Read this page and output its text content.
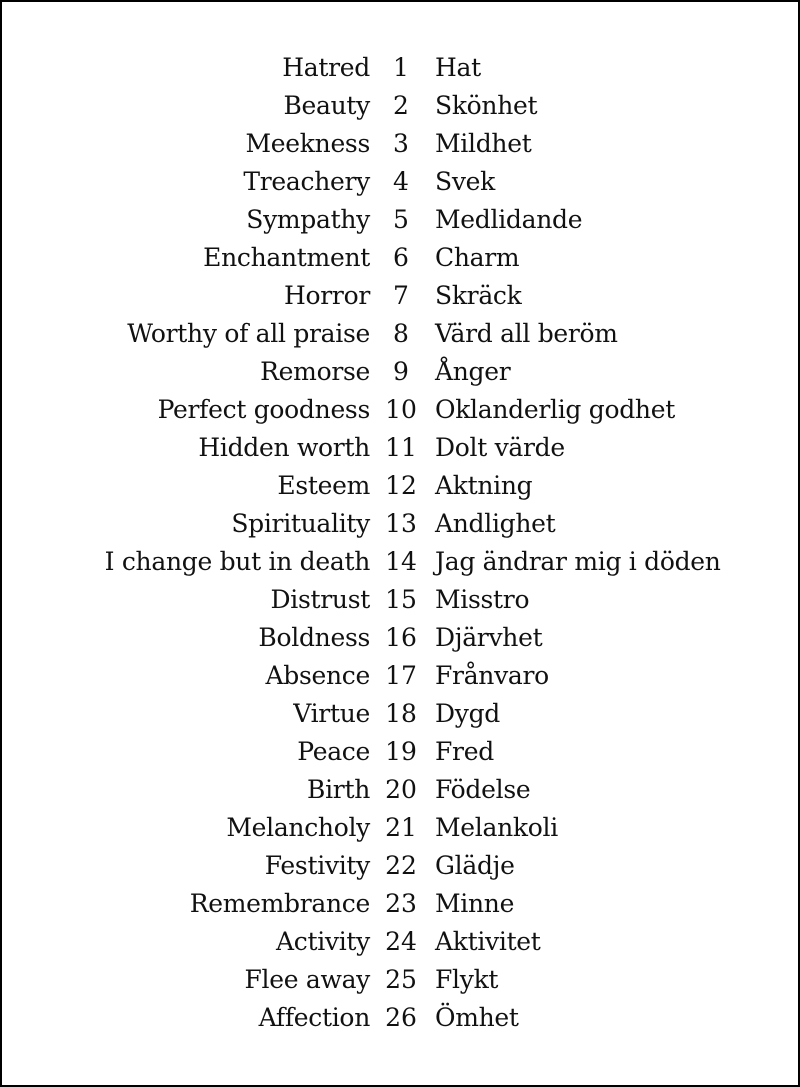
Hatred 1	Hat
Beauty 2	Skönhet
Meekness 3	Mildhet
Treachery 4	Svek
Sympathy 5	Medlidande
Enchantment 6	Charm
Horror 7	Skräck
Worthy of all praise 8	Värd all beröm
Remorse 9	Ånger
Perfect goodness 10 Oklanderlig godhet
Hidden worth 11 Dolt värde
Esteem 12 Aktning
Spirituality 13 Andlighet
I change but in death 14 Jag ändrar mig i döden
Distrust 15 Misstro
Boldness 16 Djärvhet
Absence 17 Frånvaro
Virtue 18 Dygd
Peace 19 Fred
Birth 20 Födelse
Melancholy 21 Melankoli
Festivity 22 Glädje
Remembrance 23 Minne
Activity 24 Aktivitet
Flee away 25 Flykt
Affection 26 Ömhet
